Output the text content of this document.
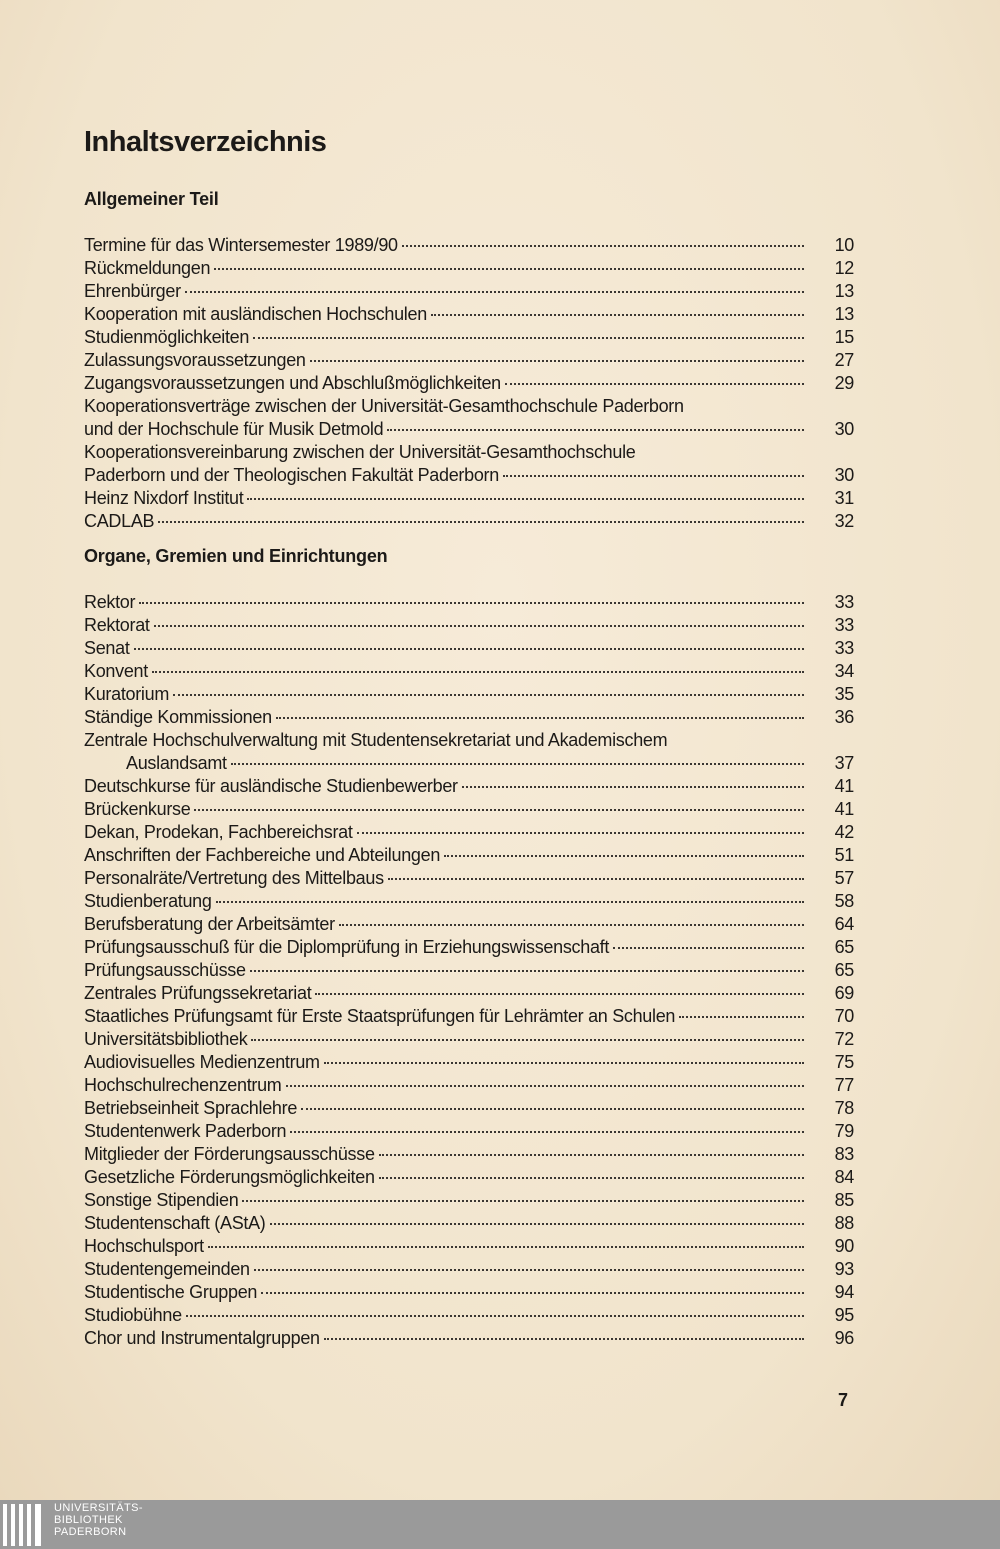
Inhaltsverzeichnis
Allgemeiner Teil
Termine für das Wintersemester 1989/90	10
Rückmeldungen	12
Ehrenbürger	13
Kooperation mit ausländischen Hochschulen	13
Studienmöglichkeiten	15
Zulassungsvoraussetzungen	27
Zugangsvoraussetzungen und Abschlußmöglichkeiten	29
Kooperationsverträge zwischen der Universität-Gesamthochschule Paderborn
und der Hochschule für Musik Detmold	30
Kooperationsvereinbarung zwischen der Universität-Gesamthochschule
Paderborn und der Theologischen Fakultät Paderborn	30
Heinz Nixdorf Institut	31
CADLAB	32
Organe, Gremien und Einrichtungen
Rektor	33
Rektorat	33
Senat	33
Konvent	34
Kuratorium	35
Ständige Kommissionen	36
Zentrale Hochschulverwaltung mit Studentensekretariat und Akademischem
Auslandsamt	37
Deutschkurse für ausländische Studienbewerber	41
Brückenkurse	41
Dekan, Prodekan, Fachbereichsrat	42
Anschriften der Fachbereiche und Abteilungen	51
Personalräte/Vertretung des Mittelbaus	57
Studienberatung	58
Berufsberatung der Arbeitsämter	64
Prüfungsausschuß für die Diplomprüfung in Erziehungswissenschaft	65
Prüfungsausschüsse	65
Zentrales Prüfungssekretariat	69
Staatliches Prüfungsamt für Erste Staatsprüfungen für Lehrämter an Schulen	70
Universitätsbibliothek	72
Audiovisuelles Medienzentrum	75
Hochschulrechenzentrum	77
Betriebseinheit Sprachlehre	78
Studentenwerk Paderborn	79
Mitglieder der Förderungsausschüsse	83
Gesetzliche Förderungsmöglichkeiten	84
Sonstige Stipendien	85
Studentenschaft (AStA)	88
Hochschulsport	90
Studentengemeinden	93
Studentische Gruppen	94
Studiobühne	95
Chor und Instrumentalgruppen	96

7

UNIVERSITÄTS-
BIBLIOTHEK
PADERBORN
